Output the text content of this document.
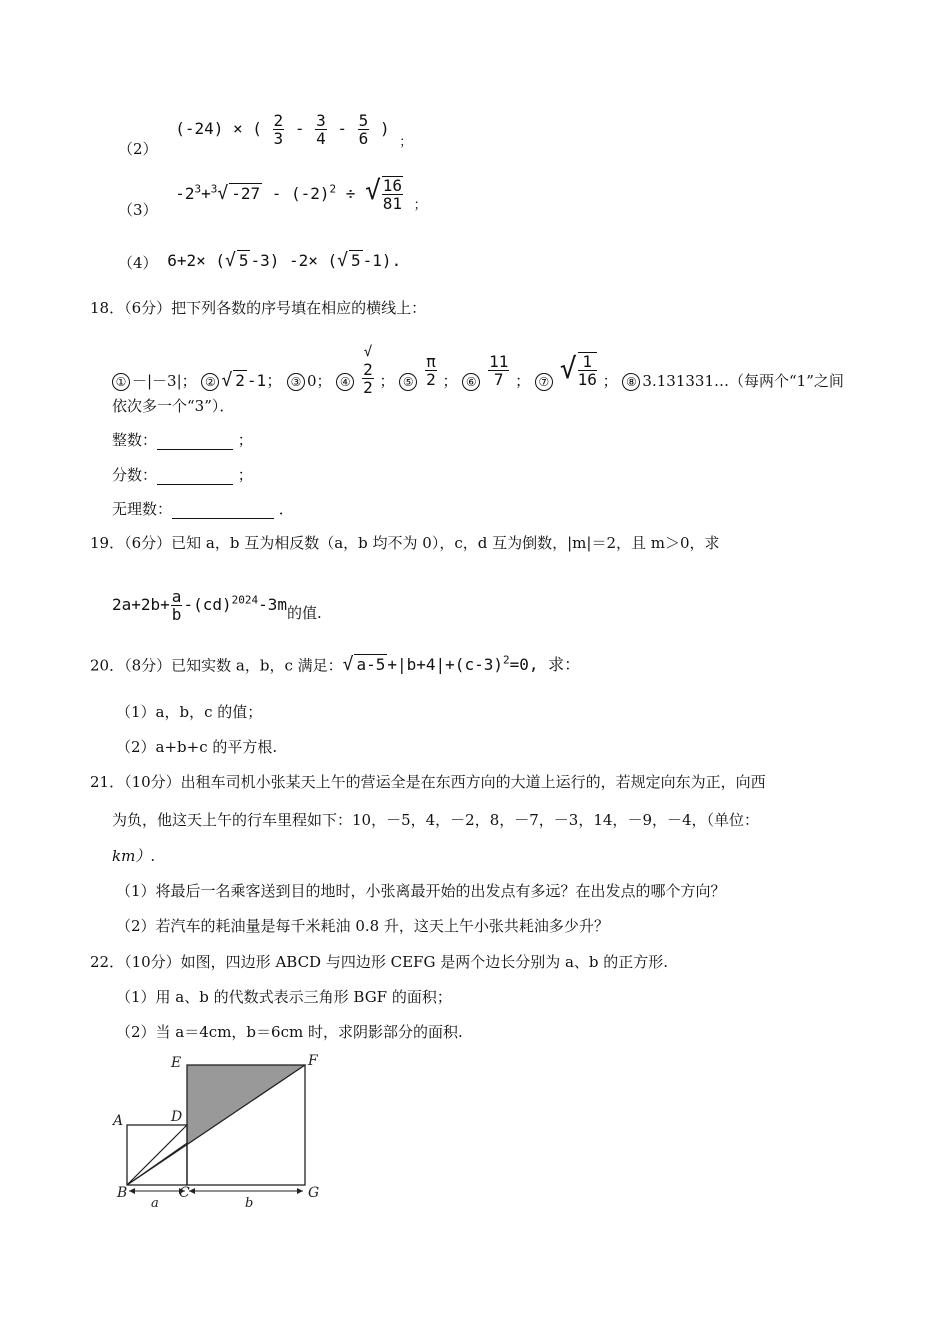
（2） (-24) × ( $\frac{2}{3} - \frac{3}{4} - \frac{5}{6}$ ) $_;$
（3） $-2^3+^3√$ $-27 - (-2)^2$ ÷ √ $\frac{16}{81} _;$
（4） 6+2× (√ 5 -3) -2× (√ 5 -1).
18．（6分）把下列各数的序号填在相应的横线上：
① －|－3|； ② √ 2 -1； ③ 0； ④ √
2
2 ； ⑤ $\frac{\pi}{2}$ ； ⑥ $\frac{11}{7}$ ； ⑦ √ $\frac{1}{16}$ ； ⑧ 3.131331…（每两个“1”之间
依次多一个“3”）．
整数：	；
分数：	；
无理数：	．
19．（6分）已知 a，b 互为相反数（a，b 均不为 0），c，d 互为倒数，|m|＝2，且 m＞0，求
$2a+2b+ \frac{a}{b} -(cd)^{2024}-3m$的值.
20．（8分）已知实数 a，b，c 满足：√ $a-5 +|b+4|+(c-3)^2=0$, 求：
（1）a，b，c 的值；
（2）a+b+c 的平方根.
21．（10分）出租车司机小张某天上午的营运全是在东西方向的大道上运行的，若规定向东为正，向西
为负，他这天上午的行车里程如下：10，－5，4，－2，8，－7，－3，14，－9，－4，（单位：
km）.
（1）将最后一名乘客送到目的地时，小张离最开始的出发点有多远？在出发点的哪个方向？
（2）若汽车的耗油量是每千米耗油 0.8 升，这天上午小张共耗油多少升？
22．（10分）如图，四边形 ABCD 与四边形 CEFG 是两个边长分别为 a、b 的正方形.
（1）用 a、b 的代数式表示三角形 BGF 的面积；
（2）当 a＝4cm，b＝6cm 时，求阴影部分的面积.
A
B	C
D
E	F
G
a	b
